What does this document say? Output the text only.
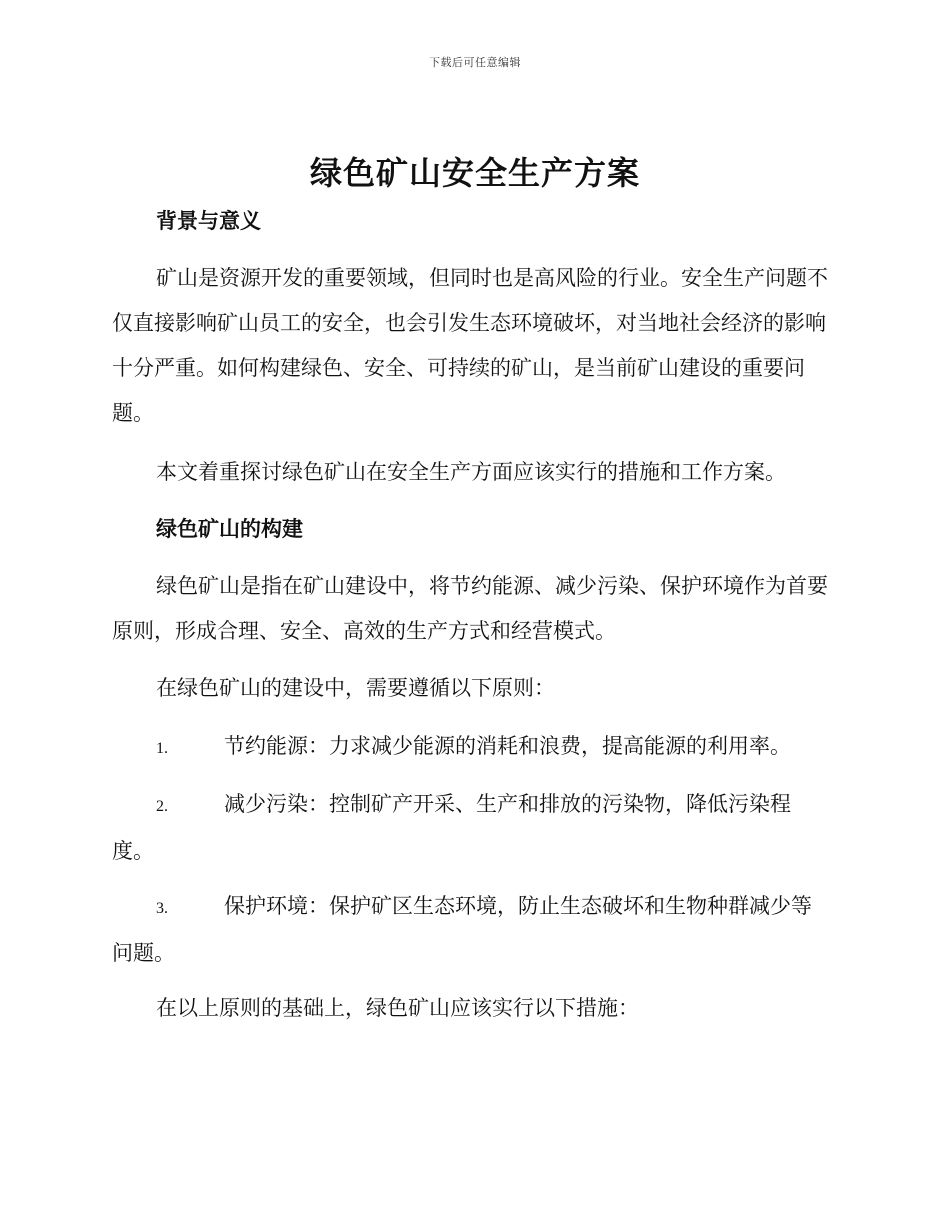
下载后可任意编辑
绿色矿山安全生产方案
背景与意义

矿山是资源开发的重要领域，但同时也是高风险的行业。安全生产问题不仅直接影响矿山员工的安全，也会引发生态环境破坏，对当地社会经济的影响十分严重。如何构建绿色、安全、可持续的矿山，是当前矿山建设的重要问题。

本文着重探讨绿色矿山在安全生产方面应该实行的措施和工作方案。

绿色矿山的构建

绿色矿山是指在矿山建设中，将节约能源、减少污染、保护环境作为首要原则，形成合理、安全、高效的生产方式和经营模式。

在绿色矿山的建设中，需要遵循以下原则：

1.	节约能源：力求减少能源的消耗和浪费，提高能源的利用率。
2.	减少污染：控制矿产开采、生产和排放的污染物，降低污染程度。
3.	保护环境：保护矿区生态环境，防止生态破坏和生物种群减少等问题。

在以上原则的基础上，绿色矿山应该实行以下措施：
